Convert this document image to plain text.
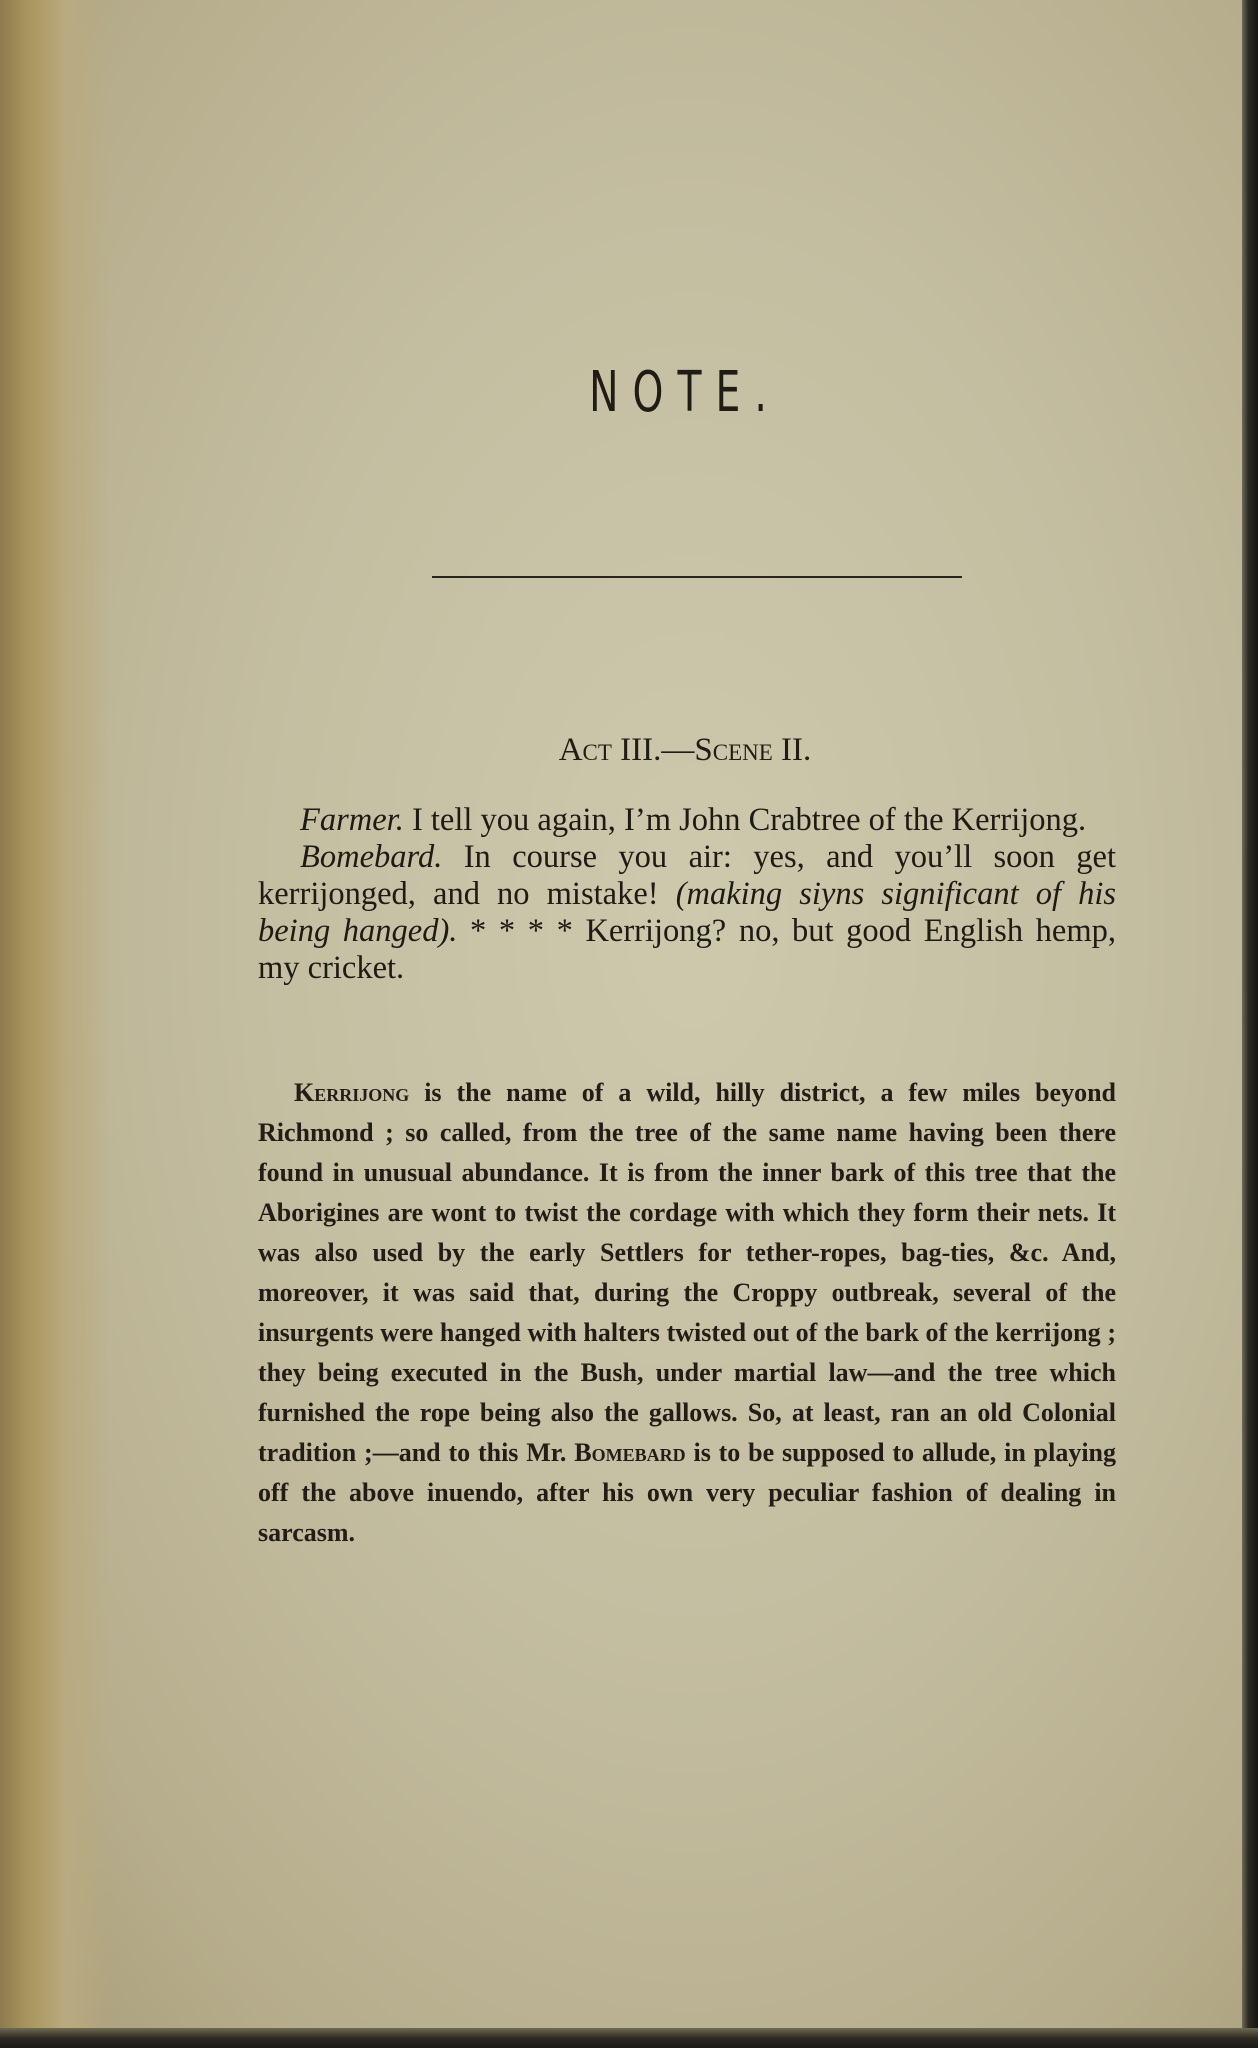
NOTE.
Act III.—Scene II.

Farmer. I tell you again, I’m John Crabtree of the Kerrijong.

Bomebard. In course you air: yes, and you’ll soon get kerrijonged, and no mistake! (making siyns significant of his being hanged). * * * * Kerrijong? no, but good English hemp, my cricket.

Kerrijong is the name of a wild, hilly district, a few miles beyond Richmond ; so called, from the tree of the same name having been there found in unusual abundance. It is from the inner bark of this tree that the Aborigines are wont to twist the cordage with which they form their nets. It was also used by the early Settlers for tether-ropes, bag-ties, &c. And, moreover, it was said that, during the Croppy outbreak, several of the insurgents were hanged with halters twisted out of the bark of the kerrijong ; they being executed in the Bush, under martial law—and the tree which furnished the rope being also the gallows. So, at least, ran an old Colonial tradition ;—and to this Mr. Bomebard is to be supposed to allude, in playing off the above inuendo, after his own very peculiar fashion of dealing in sarcasm.
